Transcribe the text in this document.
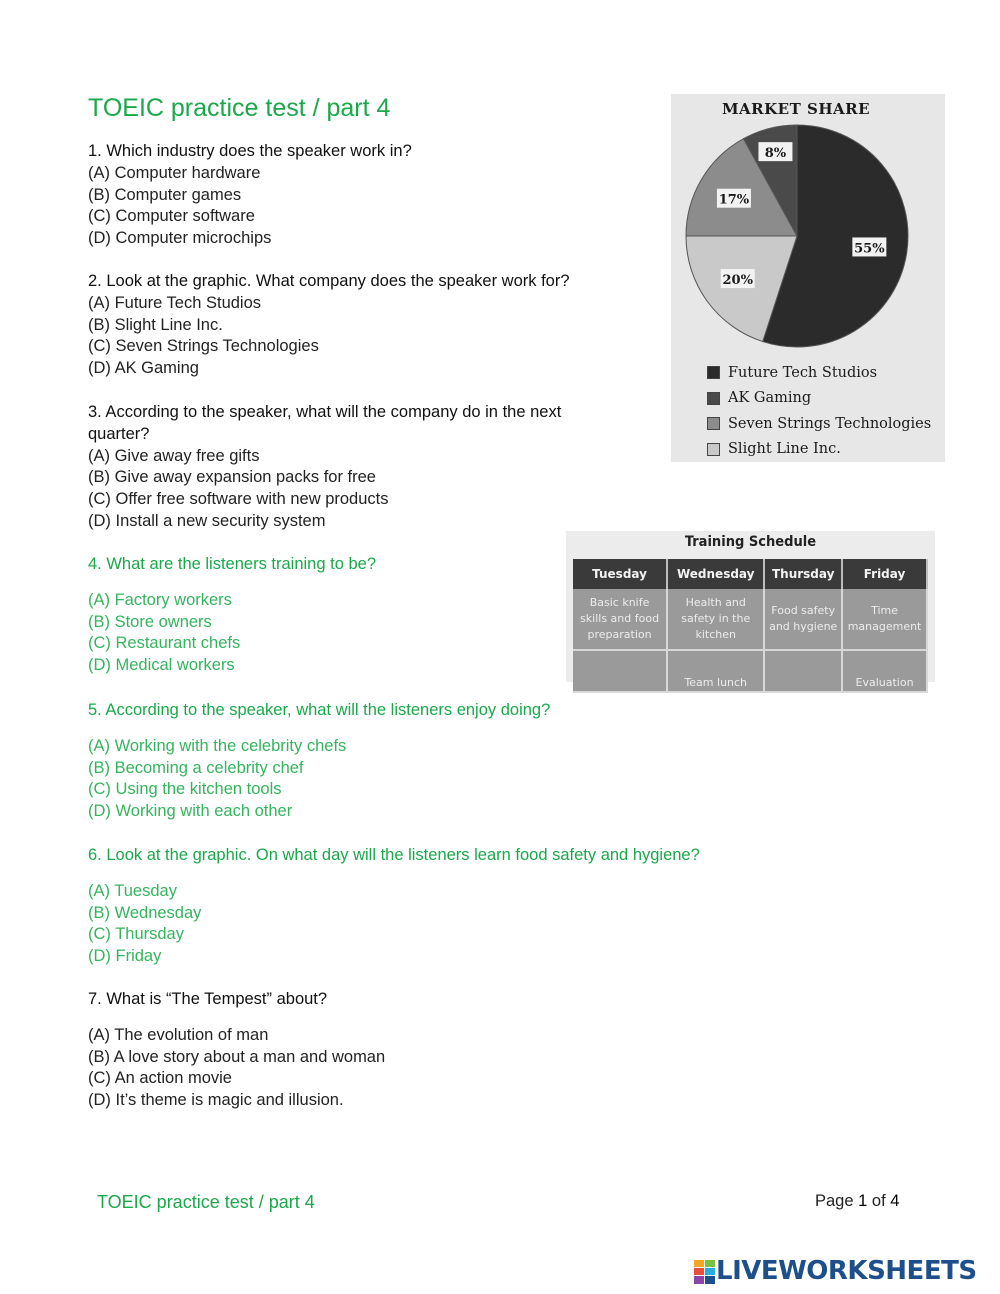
TOEIC practice test / part 4
1. Which industry does the speaker work in?
(A) Computer hardware
(B) Computer games
(C) Computer software
(D) Computer microchips
2. Look at the graphic. What company does the speaker work for?
(A) Future Tech Studios
(B) Slight Line Inc.
(C) Seven Strings Technologies
(D) AK Gaming
3. According to the speaker, what will the company do in the next quarter?
(A) Give away free gifts
(B) Give away expansion packs for free
(C) Offer free software with new products
(D) Install a new security system
4. What are the listeners training to be?
(A) Factory workers
(B) Store owners
(C) Restaurant chefs
(D) Medical workers
5. According to the speaker, what will the listeners enjoy doing?
(A) Working with the celebrity chefs
(B) Becoming a celebrity chef
(C) Using the kitchen tools
(D) Working with each other
6. Look at the graphic. On what day will the listeners learn food safety and hygiene?
(A) Tuesday
(B) Wednesday
(C) Thursday
(D) Friday
7. What is “The Tempest” about?
(A) The evolution of man
(B) A love story about a man and woman
(C) An action movie
(D) It’s theme is magic and illusion.
MARKET SHARE
55%
20%
17%
8%
Future Tech Studios
AK Gaming
Seven Strings Technologies
Slight Line Inc.
Training Schedule
Tuesday	Wednesday	Thursday	Friday
Basic knife skills and food preparation	Health and safety in the kitchen	Food safety and hygiene	Time management
	Team lunch		Evaluation
TOEIC practice test / part 4	Page 1 of 4
LIVEWORKSHEETS
